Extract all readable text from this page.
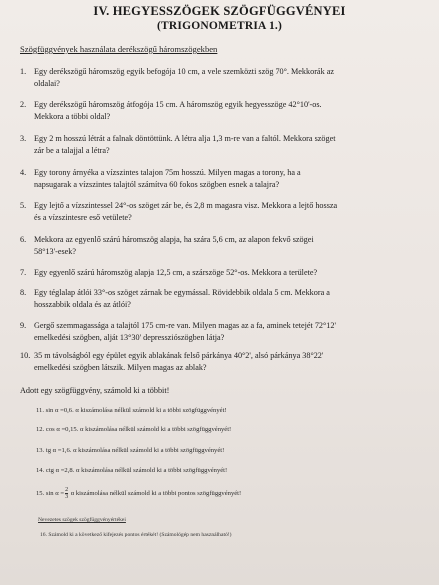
IV. HEGYESSZÖGEK SZÖGFÜGGVÉNYEI
(TRIGONOMETRIA 1.)
Szögfüggvények használata derékszögű háromszögekben
1. Egy derékszögű háromszög egyik befogója 10 cm, a vele szemközti szög 70°. Mekkorák az
oldalai?
2. Egy derékszögű háromszög átfogója 15 cm. A háromszög egyik hegyesszöge 42°10'-os.
Mekkora a többi oldal?
3. Egy 2 m hosszú létrát a falnak döntöttünk. A létra alja 1,3 m-re van a faltól. Mekkora szöget
zár be a talajjal a létra?
4. Egy torony árnyéka a vízszintes talajon 75m hosszú. Milyen magas a torony, ha a
napsugarak a vízszintes talajtól számítva 60 fokos szögben esnek a talajra?
5. Egy lejtő a vízszintessel 24°-os szöget zár be, és 2,8 m magasra visz. Mekkora a lejtő hossza
és a vízszintesre eső vetülete?
6. Mekkora az egyenlő szárú háromszög alapja, ha szára 5,6 cm, az alapon fekvő szögei
58°13'-esek?
7. Egy egyenlő szárú háromszög alapja 12,5 cm, a szárszöge 52°-os. Mekkora a területe?
8. Egy téglalap átlói 33°-os szöget zárnak be egymással. Rövidebbik oldala 5 cm. Mekkora a
hosszabbik oldala és az átlói?
9. Gergő szemmagassága a talajtól 175 cm-re van. Milyen magas az a fa, aminek tetejét 72°12'
emelkedési szögben, alját 13°30' depressziószögben látja?
10. 35 m távolságból egy épület egyik ablakának felső párkánya 40°2', alsó párkánya 38°22'
emelkedési szögben látszik. Milyen magas az ablak?
Adott egy szögfüggvény, számold ki a többit!
11. sin α =0,6. α kiszámolása nélkül számold ki a többi szögfüggvényét!
12. cos α =0,15. α kiszámolása nélkül számold ki a többi szögfüggvényét!
13. tg α =1,6. α kiszámolása nélkül számold ki a többi szögfüggvényét!
14. ctg α =2,8. α kiszámolása nélkül számold ki a többi szögfüggvényét!
15. $\sin \alpha = \frac{2}{3}$ α kiszámolása nélkül számold ki a többi pontos szögfüggvényét!
Nevezetes szögek szögfüggvényértékei
16. Számold ki a következő kifejezés pontos értékét! (Számológép nem használható!)
